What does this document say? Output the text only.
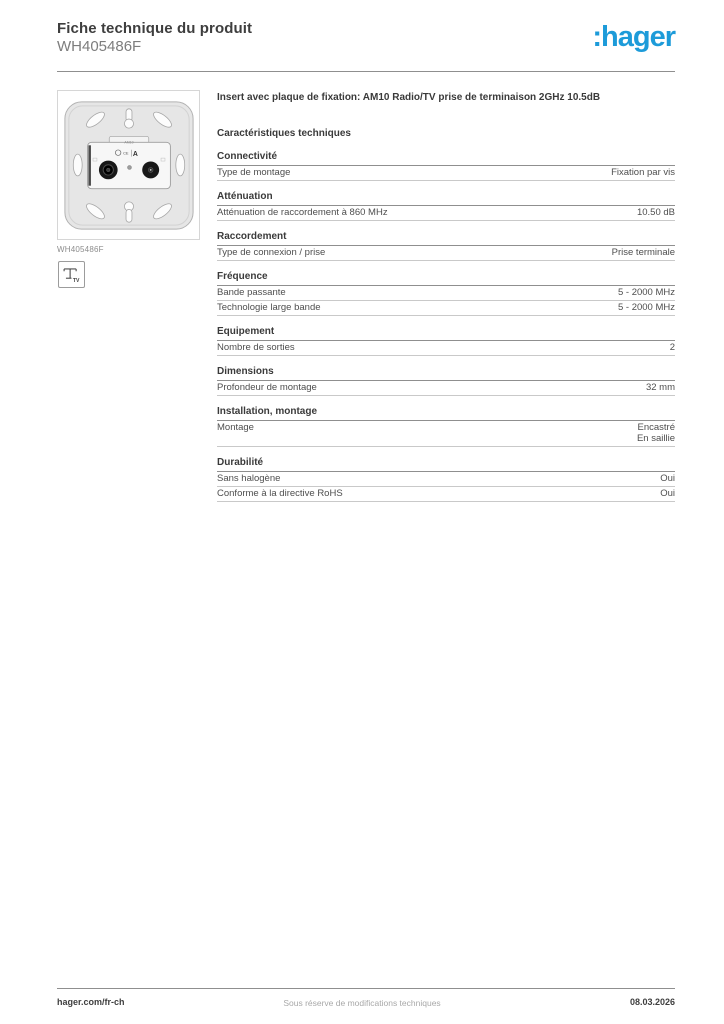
Fiche technique du produit
WH405486F	:hager
AM10
CE A
WH405486F
TV
Insert avec plaque de fixation: AM10 Radio/TV prise de terminaison 2GHz 10.5dB
Caractéristiques techniques
Connectivité
Type de montage	Fixation par vis
Atténuation
Atténuation de raccordement à 860 MHz	10.50 dB
Raccordement
Type de connexion / prise	Prise terminale
Fréquence
Bande passante	5 - 2000 MHz
Technologie large bande	5 - 2000 MHz
Equipement
Nombre de sorties	2
Dimensions
Profondeur de montage	32 mm
Installation, montage
Montage	Encastré
En saillie
Durabilité
Sans halogène	Oui
Conforme à la directive RoHS	Oui
hager.com/fr-ch	Sous réserve de modifications techniques	08.03.2026
